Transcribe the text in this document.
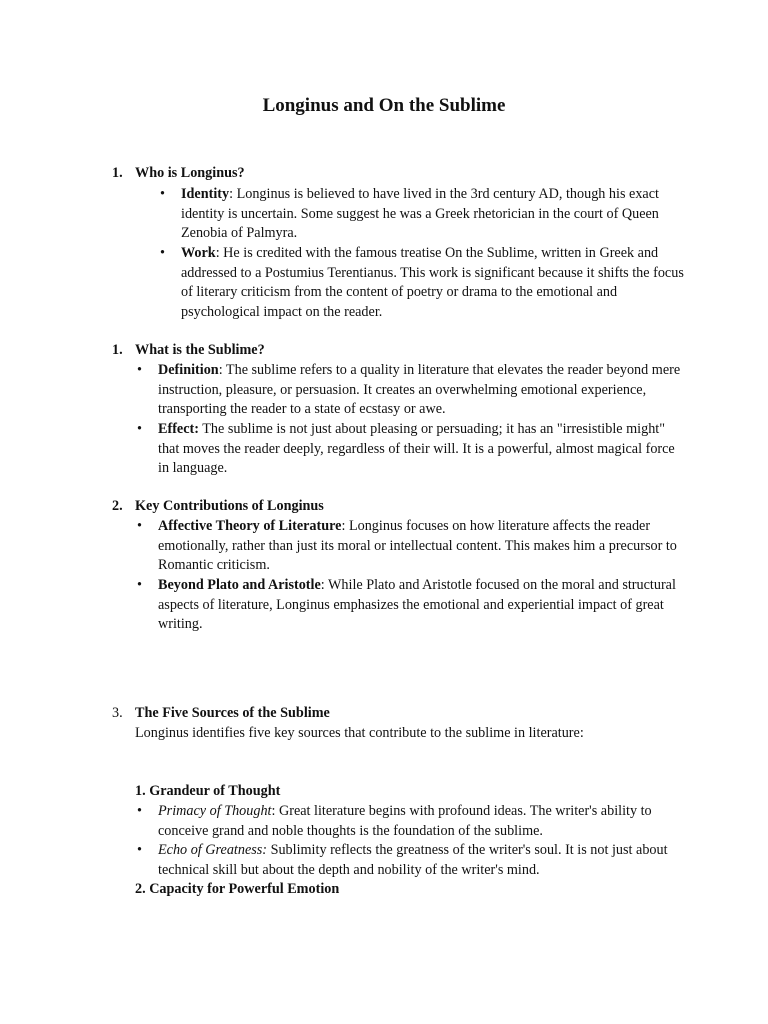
Longinus and On the Sublime
1. Who is Longinus?
• Identity: Longinus is believed to have lived in the 3rd century AD, though his exact identity is uncertain. Some suggest he was a Greek rhetorician in the court of Queen Zenobia of Palmyra.
• Work: He is credited with the famous treatise On the Sublime, written in Greek and addressed to a Postumius Terentianus. This work is significant because it shifts the focus of literary criticism from the content of poetry or drama to the emotional and psychological impact on the reader.
1. What is the Sublime?
• Definition: The sublime refers to a quality in literature that elevates the reader beyond mere instruction, pleasure, or persuasion. It creates an overwhelming emotional experience, transporting the reader to a state of ecstasy or awe.
• Effect: The sublime is not just about pleasing or persuading; it has an "irresistible might" that moves the reader deeply, regardless of their will. It is a powerful, almost magical force in language.
2. Key Contributions of Longinus
• Affective Theory of Literature: Longinus focuses on how literature affects the reader emotionally, rather than just its moral or intellectual content. This makes him a precursor to Romantic criticism.
• Beyond Plato and Aristotle: While Plato and Aristotle focused on the moral and structural aspects of literature, Longinus emphasizes the emotional and experiential impact of great writing.
3. The Five Sources of the Sublime
Longinus identifies five key sources that contribute to the sublime in literature:
1. Grandeur of Thought
• Primacy of Thought: Great literature begins with profound ideas. The writer's ability to conceive grand and noble thoughts is the foundation of the sublime.
• Echo of Greatness: Sublimity reflects the greatness of the writer's soul. It is not just about technical skill but about the depth and nobility of the writer's mind.
2. Capacity for Powerful Emotion
